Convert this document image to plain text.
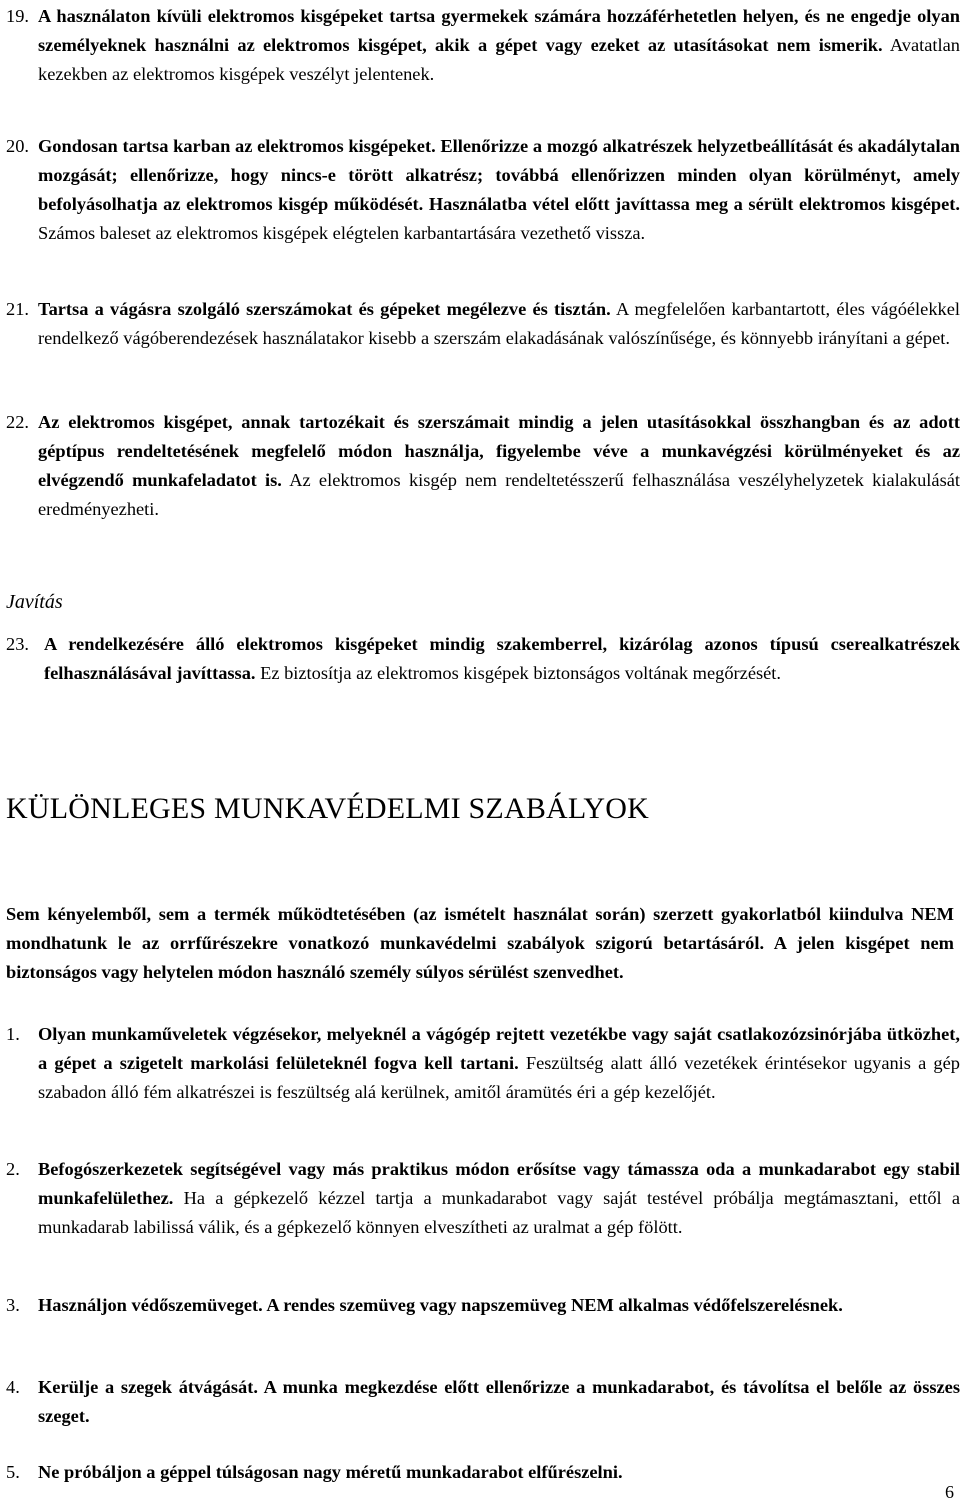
19. A használaton kívüli elektromos kisgépeket tartsa gyermekek számára hozzáférhetetlen helyen, és ne engedje olyan személyeknek használni az elektromos kisgépet, akik a gépet vagy ezeket az utasításokat nem ismerik. Avatatlan kezekben az elektromos kisgépek veszélyt jelentenek.

20. Gondosan tartsa karban az elektromos kisgépeket. Ellenőrizze a mozgó alkatrészek helyzetbeállítását és akadálytalan mozgását; ellenőrizze, hogy nincs-e törött alkatrész; továbbá ellenőrizzen minden olyan körülményt, amely befolyásolhatja az elektromos kisgép működését. Használatba vétel előtt javíttassa meg a sérült elektromos kisgépet. Számos baleset az elektromos kisgépek elégtelen karbantartására vezethető vissza.

21. Tartsa a vágásra szolgáló szerszámokat és gépeket megélezve és tisztán. A megfelelően karbantartott, éles vágóélekkel rendelkező vágóberendezések használatakor kisebb a szerszám elakadásának valószínűsége, és könnyebb irányítani a gépet.

22. Az elektromos kisgépet, annak tartozékait és szerszámait mindig a jelen utasításokkal összhangban és az adott géptípus rendeltetésének megfelelő módon használja, figyelembe véve a munkavégzési körülményeket és az elvégzendő munkafeladatot is. Az elektromos kisgép nem rendeltetésszerű felhasználása veszélyhelyzetek kialakulását eredményezheti.

Javítás

23. A rendelkezésére álló elektromos kisgépeket mindig szakemberrel, kizárólag azonos típusú cserealkatrészek felhasználásával javíttassa. Ez biztosítja az elektromos kisgépek biztonságos voltának megőrzését.

KÜLÖNLEGES MUNKAVÉDELMI SZABÁLYOK

Sem kényelemből, sem a termék működtetésében (az ismételt használat során) szerzett gyakorlatból kiindulva NEM mondhatunk le az orrfűrészekre vonatkozó munkavédelmi szabályok szigorú betartásáról. A jelen kisgépet nem biztonságos vagy helytelen módon használó személy súlyos sérülést szenvedhet.

1. Olyan munkaműveletek végzésekor, melyeknél a vágógép rejtett vezetékbe vagy saját csatlakozózsinórjába ütközhet, a gépet a szigetelt markolási felületeknél fogva kell tartani. Feszültség alatt álló vezetékek érintésekor ugyanis a gép szabadon álló fém alkatrészei is feszültség alá kerülnek, amitől áramütés éri a gép kezelőjét.

2. Befogószerkezetek segítségével vagy más praktikus módon erősítse vagy támassza oda a munkadarabot egy stabil munkafelülethez. Ha a gépkezelő kézzel tartja a munkadarabot vagy saját testével próbálja megtámasztani, ettől a munkadarab labilissá válik, és a gépkezelő könnyen elveszítheti az uralmat a gép fölött.

3. Használjon védőszemüveget. A rendes szemüveg vagy napszemüveg NEM alkalmas védőfelszerelésnek.

4. Kerülje a szegek átvágását. A munka megkezdése előtt ellenőrizze a munkadarabot, és távolítsa el belőle az összes szeget.

5. Ne próbáljon a géppel túlságosan nagy méretű munkadarabot elfűrészelni.

6
